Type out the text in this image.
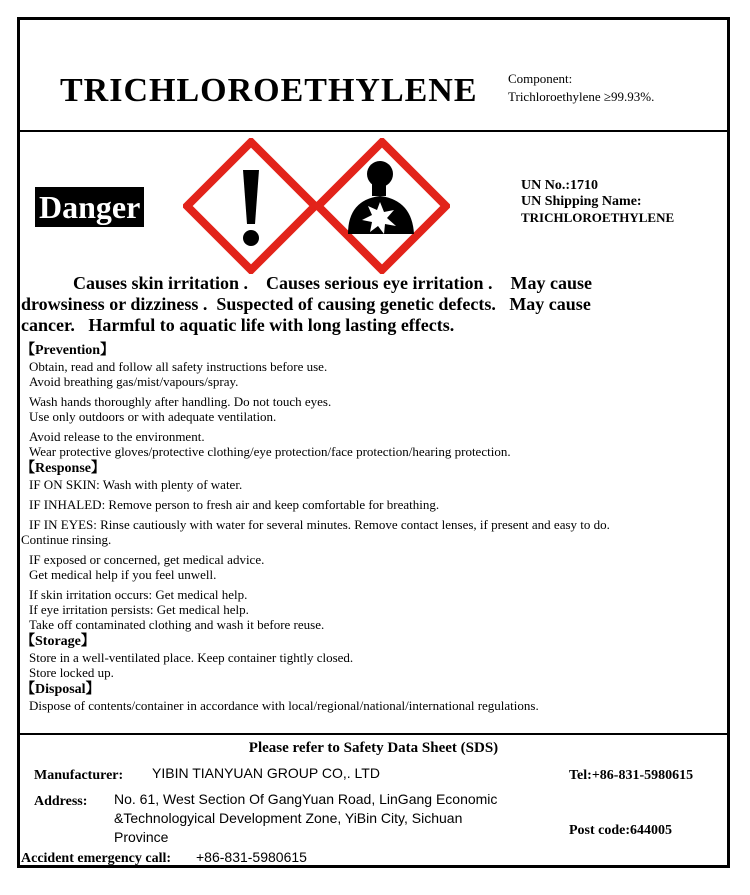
TRICHLOROETHYLENE Component:
Trichloroethylene ≥99.93%.
Danger
UN No.:1710
UN Shipping Name:
TRICHLOROETHYLENE
Causes skin irritation .    Causes serious eye irritation .    May cause
drowsiness or dizziness .  Suspected of causing genetic defects.   May cause
cancer.   Harmful to aquatic life with long lasting effects.
【Prevention】
Obtain, read and follow all safety instructions before use.
Avoid breathing gas/mist/vapours/spray.
Wash hands thoroughly after handling. Do not touch eyes.
Use only outdoors or with adequate ventilation.
Avoid release to the environment.
Wear protective gloves/protective clothing/eye protection/face protection/hearing protection.
【Response】
IF ON SKIN: Wash with plenty of water.
IF INHALED: Remove person to fresh air and keep comfortable for breathing.
IF IN EYES: Rinse cautiously with water for several minutes. Remove contact lenses, if present and easy to do.
Continue rinsing.
IF exposed or concerned, get medical advice.
Get medical help if you feel unwell.
If skin irritation occurs: Get medical help.
If eye irritation persists: Get medical help.
Take off contaminated clothing and wash it before reuse.
【Storage】
Store in a well-ventilated place. Keep container tightly closed.
Store locked up.
【Disposal】
Dispose of contents/container in accordance with local/regional/national/international regulations.
Please refer to Safety Data Sheet (SDS)
Manufacturer: YIBIN TIANYUAN GROUP CO,. LTD	Tel:+86-831-5980615
Address: No. 61, West Section Of GangYuan Road, LinGang Economic
&Technologyical Development Zone, YiBin City, Sichuan
Province	Post code:644005
Accident emergency call: +86-831-5980615
